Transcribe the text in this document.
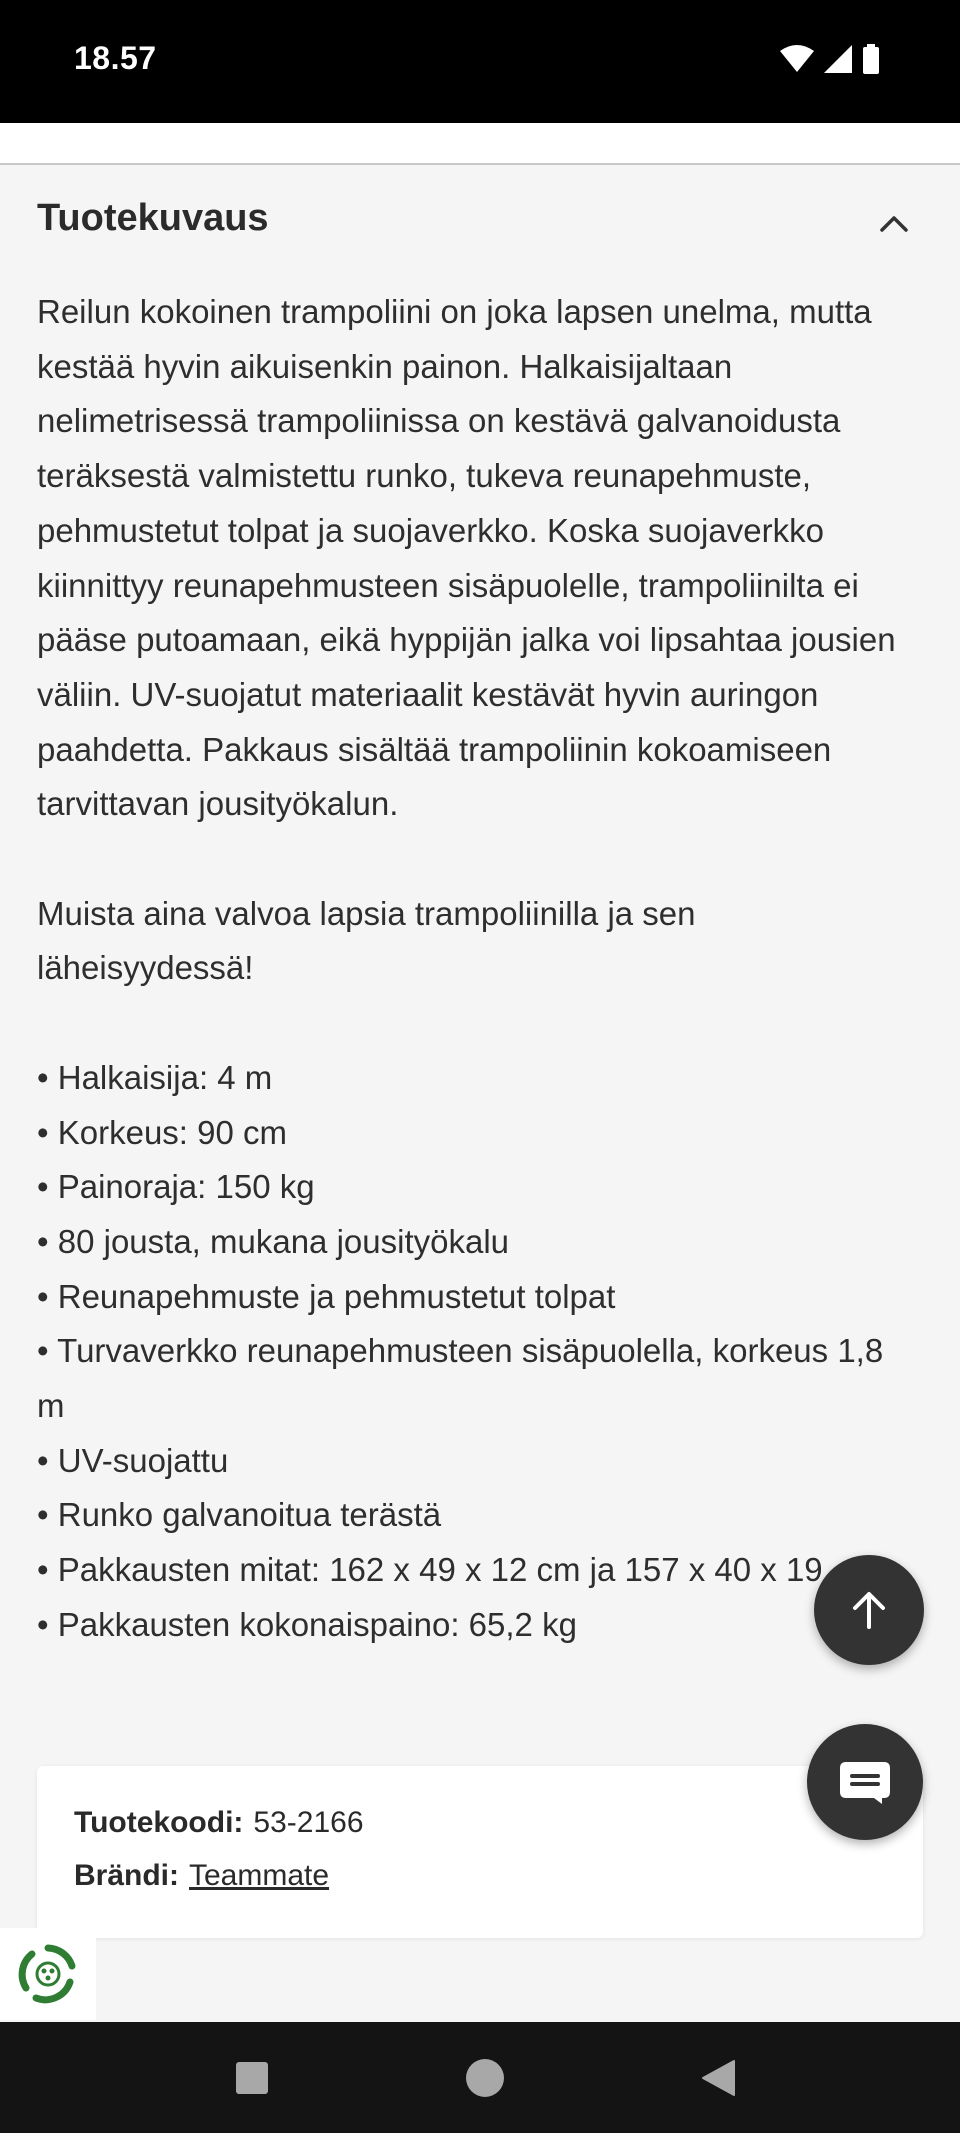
18.57
Tuotekuvaus

Reilun kokoinen trampoliini on joka lapsen unelma, mutta kestää hyvin aikuisenkin painon. Halkaisijaltaan nelimetrisessä trampoliinissa on kestävä galvanoidusta teräksestä valmistettu runko, tukeva reunapehmuste, pehmustetut tolpat ja suojaverkko. Koska suojaverkko kiinnittyy reunapehmusteen sisäpuolelle, trampoliinilta ei pääse putoamaan, eikä hyppijän jalka voi lipsahtaa jousien väliin. UV-suojatut materiaalit kestävät hyvin auringon paahdetta. Pakkaus sisältää trampoliinin kokoamiseen tarvittavan jousityökalun.

Muista aina valvoa lapsia trampoliinilla ja sen läheisyydessä!

• Halkaisija: 4 m
• Korkeus: 90 cm
• Painoraja: 150 kg
• 80 jousta, mukana jousityökalu
• Reunapehmuste ja pehmustetut tolpat
• Turvaverkko reunapehmusteen sisäpuolella, korkeus 1,8 m
• UV-suojattu
• Runko galvanoitua terästä
• Pakkausten mitat: 162 x 49 x 12 cm ja 157 x 40 x 19
• Pakkausten kokonaispaino: 65,2 kg
Tuotekoodi: 53-2166
Brändi: Teammate
